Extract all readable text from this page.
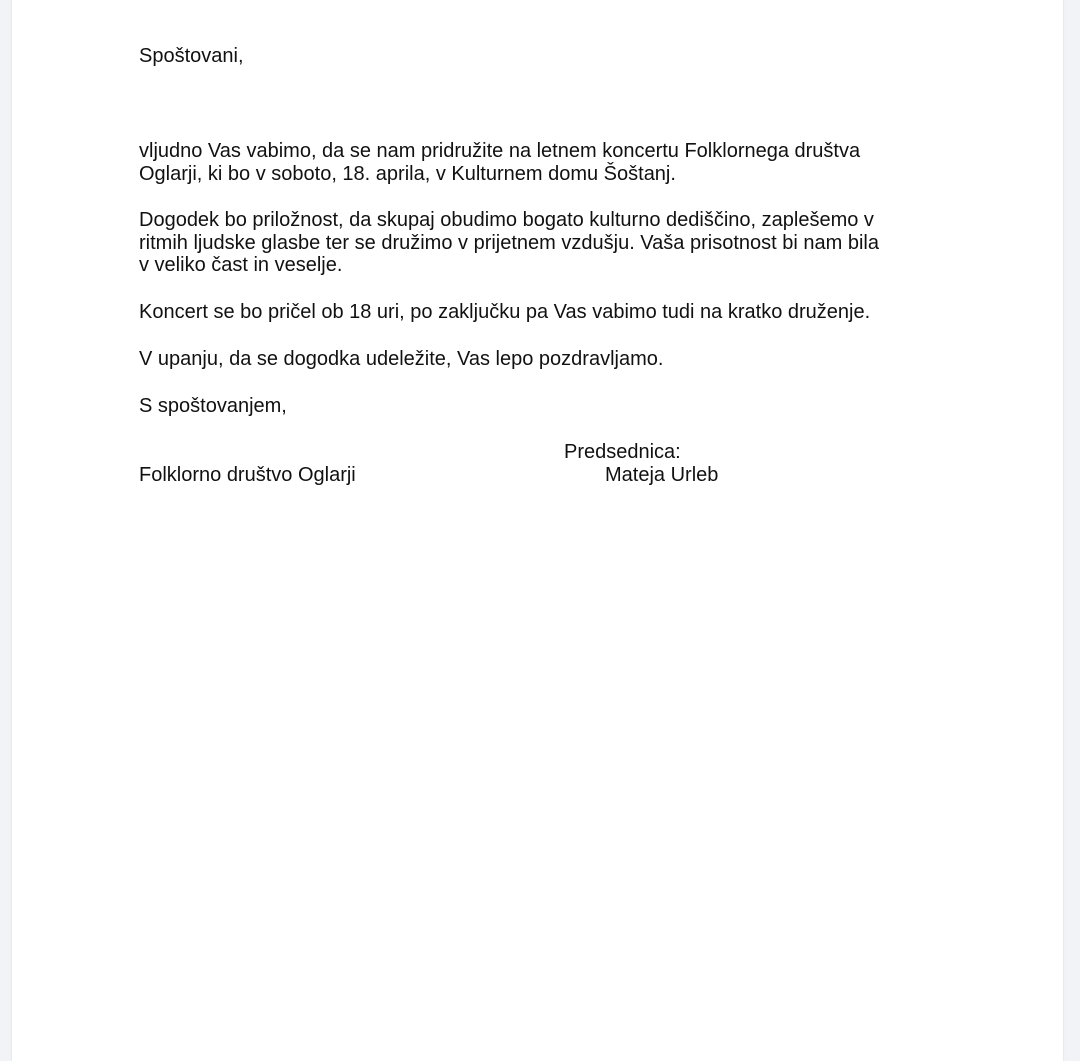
Spoštovani,

vljudno Vas vabimo, da se nam pridružite na letnem koncertu Folklornega društva
Oglarji, ki bo v soboto, 18. aprila, v Kulturnem domu Šoštanj.

Dogodek bo priložnost, da skupaj obudimo bogato kulturno dediščino, zaplešemo v
ritmih ljudske glasbe ter se družimo v prijetnem vzdušju. Vaša prisotnost bi nam bila
v veliko čast in veselje.

Koncert se bo pričel ob 18 uri, po zaključku pa Vas vabimo tudi na kratko druženje.

V upanju, da se dogodka udeležite, Vas lepo pozdravljamo.

S spoštovanjem,

Folklorno društvo Oglarji

Predsednica:

Mateja Urleb
